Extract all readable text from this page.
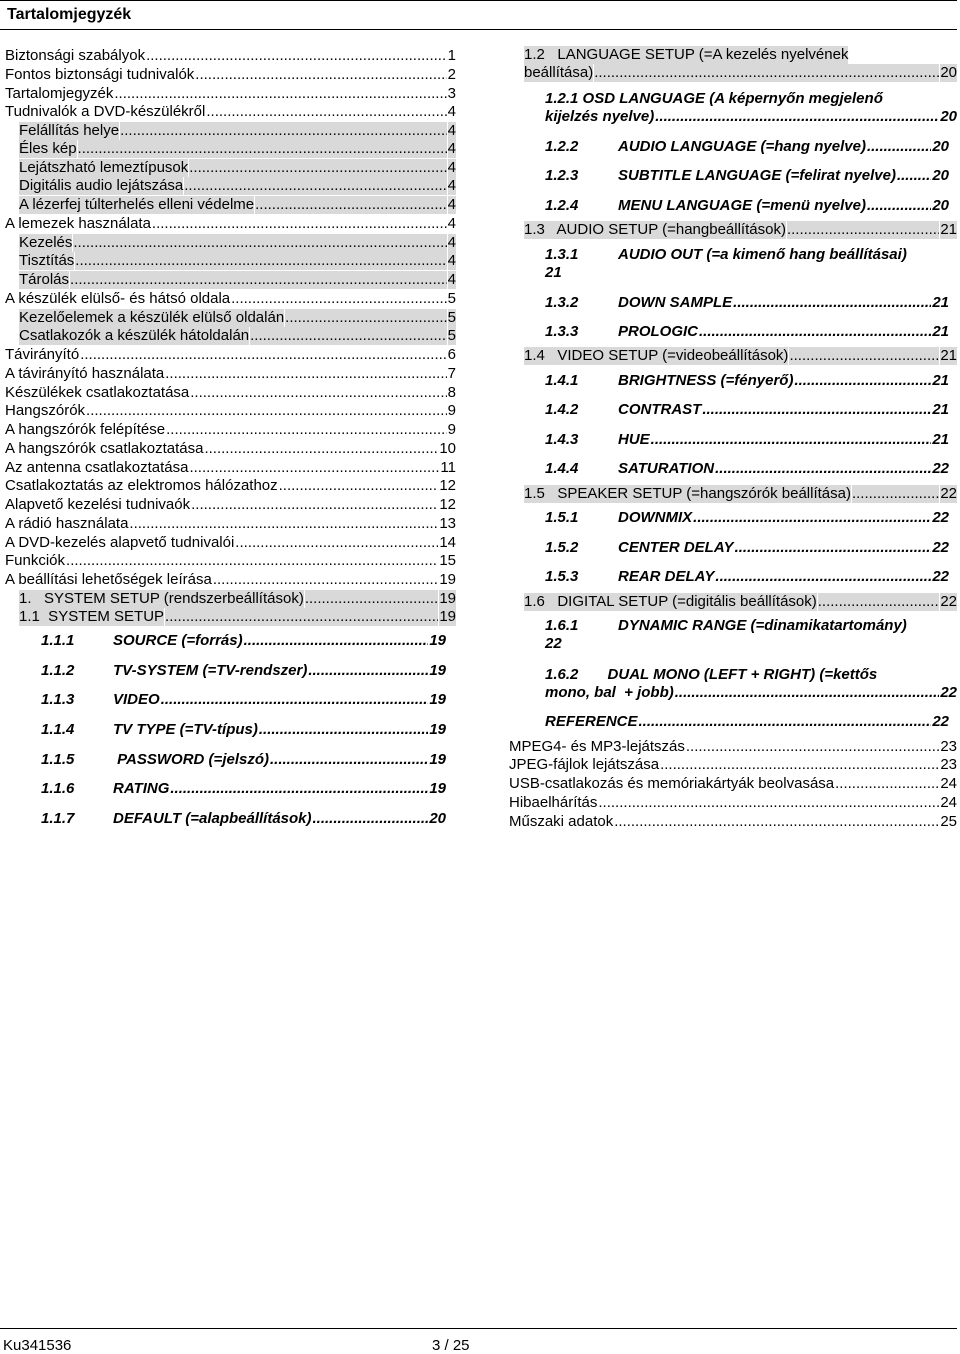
Tartalomjegyzék
Biztonsági szabályok .....	1
Fontos biztonsági tudnivalók .....	2
Tartalomjegyzék .....	3
Tudnivalók a DVD-készülékről .....	4
Felállítás helye .....	4
Éles kép .....	4
Lejátszható lemeztípusok .....	4
Digitális audio lejátszása .....	4
A lézerfej túlterhelés elleni védelme .....	4
A lemezek használata .....	4
Kezelés .....	4
Tisztítás .....	4
Tárolás .....	4
A készülék elülső- és hátsó oldala .....	5
Kezelőelemek a készülék elülső oldalán .....	5
Csatlakozók a készülék hátoldalán .....	5
Távirányító .....	6
A távirányító használata .....	7
Készülékek csatlakoztatása .....	8
Hangszórók .....	9
A hangszórók felépítése .....	9
A hangszórók csatlakoztatása .....	10
Az antenna csatlakoztatása .....	11
Csatlakoztatás az elektromos hálózathoz .....	12
Alapvető kezelési tudnivaók .....	12
A rádió használata .....	13
A DVD-kezelés alapvető tudnivalói .....	14
Funkciók .....	15
A beállítási lehetőségek leírása .....	19
1.   SYSTEM SETUP (rendszerbeállítások) .....	19
1.1  SYSTEM SETUP .....	19
1.1.1	SOURCE (=forrás) .....	19
1.1.2	TV-SYSTEM (=TV-rendszer) .....	19
1.1.3	VIDEO .....	19
1.1.4	TV TYPE (=TV-típus) .....	19
1.1.5	PASSWORD (=jelszó) .....	19
1.1.6	RATING .....	19
1.1.7	DEFAULT (=alapbeállítások) .....	20
1.2   LANGUAGE SETUP (=A kezelés nyelvének
beállítása) .....	20
1.2.1 OSD LANGUAGE (A képernyőn megjelenő
kijelzés nyelve) .....	20
1.2.2	AUDIO LANGUAGE (=hang nyelve) .....	20
1.2.3	SUBTITLE LANGUAGE (=felirat nyelve) ..... 20
1.2.4	MENU LANGUAGE (=menü nyelve) .....	20
1.3   AUDIO SETUP (=hangbeállítások) .....	21
1.3.1	AUDIO OUT (=a kimenő hang beállításai)
21
1.3.2	DOWN SAMPLE .....	21
1.3.3	PROLOGIC .....	21
1.4   VIDEO SETUP (=videobeállítások) .....	21
1.4.1	BRIGHTNESS (=fényerő) .....	21
1.4.2	CONTRAST .....	21
1.4.3	HUE .....	21
1.4.4	SATURATION .....	22
1.5   SPEAKER SETUP (=hangszórók beállítása) .....	22
1.5.1	DOWNMIX .....	22
1.5.2	CENTER DELAY .....	22
1.5.3	REAR DELAY .....	22
1.6   DIGITAL SETUP (=digitális beállítások) .....	22
1.6.1	DYNAMIC RANGE (=dinamikatartomány)
22
1.6.2       DUAL MONO (LEFT + RIGHT) (=kettős
mono, bal  + jobb) .....	22
REFERENCE .....	22
MPEG4- és MP3-lejátszás .....	23
JPEG-fájlok lejátszása .....	23
USB-csatlakozás és memóriakártyák beolvasása .....	24
Hibaelhárítás .....	24
Műszaki adatok .....	25
Ku341536	3 / 25
